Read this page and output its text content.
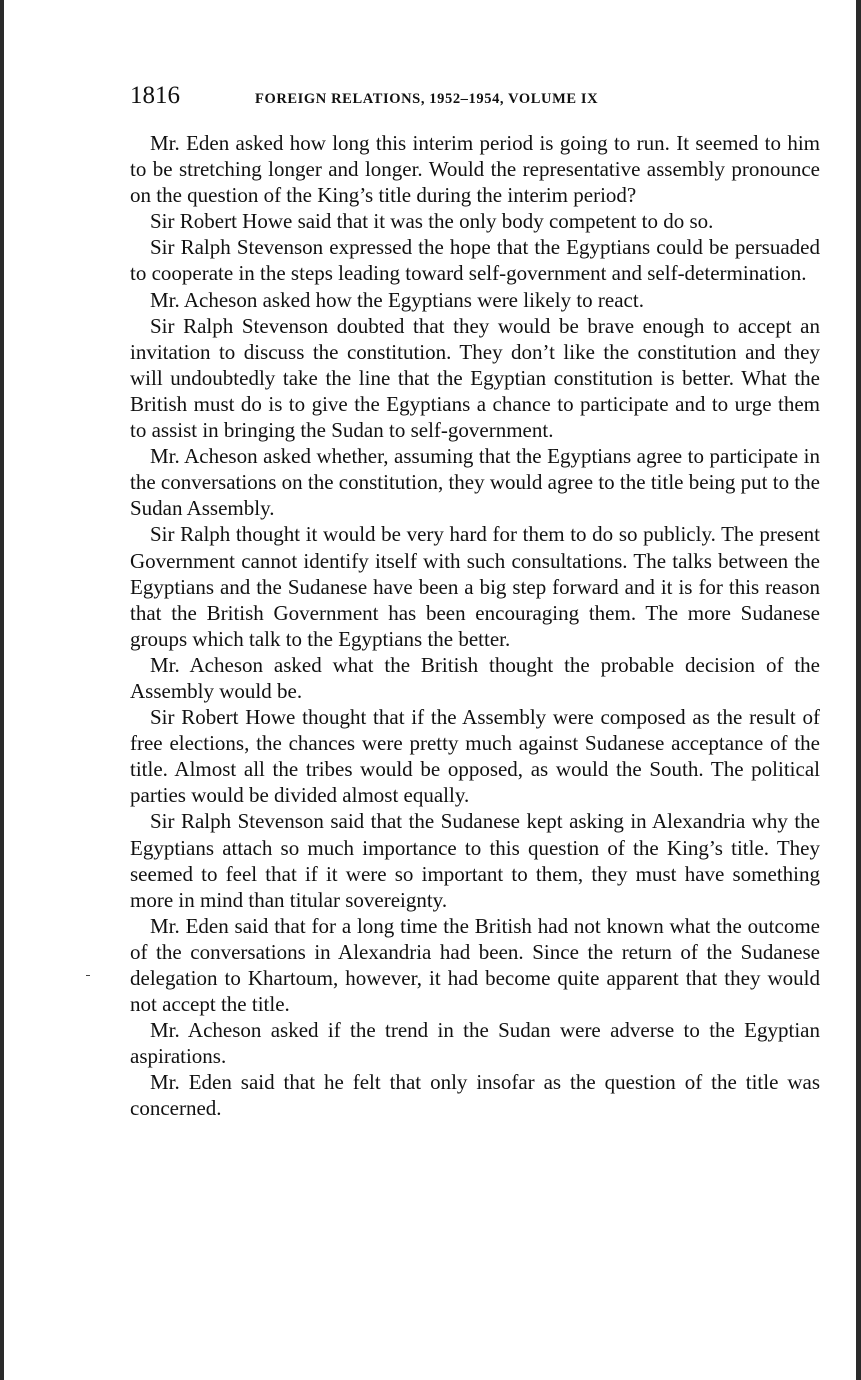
1816	FOREIGN RELATIONS, 1952–1954, VOLUME IX

Mr. Eden asked how long this interim period is going to run. It seemed to him to be stretching longer and longer. Would the representative assembly pronounce on the question of the King’s title during the interim period?

Sir Robert Howe said that it was the only body competent to do so.

Sir Ralph Stevenson expressed the hope that the Egyptians could be persuaded to cooperate in the steps leading toward self-government and self-determination.

Mr. Acheson asked how the Egyptians were likely to react.

Sir Ralph Stevenson doubted that they would be brave enough to accept an invitation to discuss the constitution. They don’t like the constitution and they will undoubtedly take the line that the Egyptian constitution is better. What the British must do is to give the Egyptians a chance to participate and to urge them to assist in bringing the Sudan to self-government.

Mr. Acheson asked whether, assuming that the Egyptians agree to participate in the conversations on the constitution, they would agree to the title being put to the Sudan Assembly.

Sir Ralph thought it would be very hard for them to do so publicly. The present Government cannot identify itself with such consultations. The talks between the Egyptians and the Sudanese have been a big step forward and it is for this reason that the British Government has been encouraging them. The more Sudanese groups which talk to the Egyptians the better.

Mr. Acheson asked what the British thought the probable decision of the Assembly would be.

Sir Robert Howe thought that if the Assembly were composed as the result of free elections, the chances were pretty much against Sudanese acceptance of the title. Almost all the tribes would be opposed, as would the South. The political parties would be divided almost equally.

Sir Ralph Stevenson said that the Sudanese kept asking in Alexandria why the Egyptians attach so much importance to this question of the King’s title. They seemed to feel that if it were so important to them, they must have something more in mind than titular sovereignty.

Mr. Eden said that for a long time the British had not known what the outcome of the conversations in Alexandria had been. Since the return of the Sudanese delegation to Khartoum, however, it had become quite apparent that they would not accept the title.

Mr. Acheson asked if the trend in the Sudan were adverse to the Egyptian aspirations.

Mr. Eden said that he felt that only insofar as the question of the title was concerned.
